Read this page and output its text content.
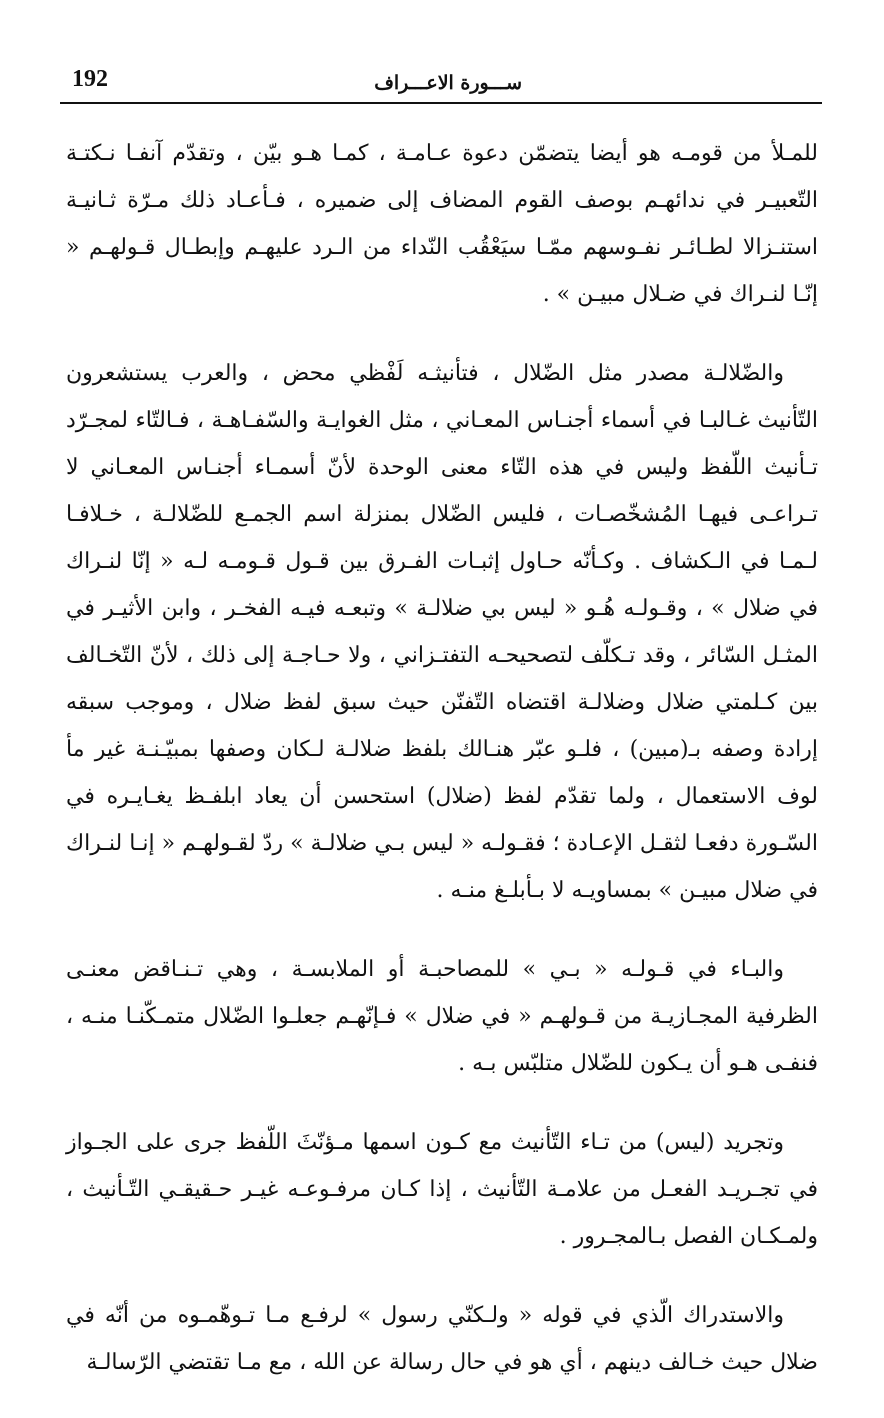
192	ســـورة الاعـــراف

للمـلأ من قومـه هو أيضا يتضمّن دعوة عـامـة ، كمـا هـو بيّن ، وتقدّم آنفـا نـكتـة التّعبيـر في ندائهـم بوصف القوم المضاف إلى ضميره ، فـأعـاد ذلك مـرّة ثـانيـة استنـزالا لطـائـر نفـوسهم ممّـا سيَعْقُب النّداء من الـرد عليهـم وإبطـال قـولهـم « إنّـا لنـراك في ضـلال مبيـن » .

والضّلالـة مصدر مثل الضّلال ، فتأنيثـه لَفْظي محض ، والعرب يستشعرون التّأنيث غـالبـا في أسماء أجنـاس المعـاني ، مثل الغوايـة والسّفـاهـة ، فـالتّاء لمجـرّد تـأنيث اللّفظ وليس في هذه التّاء معنى الوحدة لأنّ أسمـاء أجنـاس المعـاني لا تـراعـى فيهـا المُشخّصـات ، فليس الضّلال بمنزلة اسم الجمـع للضّلالـة ، خـلافـا لـمـا في الـكشاف . وكـأنّه حـاول إثبـات الفـرق بين قـول قـومـه لـه « إنّا لنـراك في ضلال » ، وقـولـه هُـو « ليس بي ضلالـة » وتبعـه فيـه الفخـر ، وابن الأثيـر في المثـل السّائر ، وقد تـكلّف لتصحيحـه التفتـزاني ، ولا حـاجـة إلى ذلك ، لأنّ التّخـالف بين كـلمتي ضلال وضلالـة اقتضاه التّفنّن حيث سبق لفظ ضلال ، وموجب سبقه إرادة وصفه بـ(مبين) ، فلـو عبّر هنـالك بلفظ ضلالـة لـكان وصفها بمبيّـنـة غير مأ لوف الاستعمال ، ولما تقدّم لفظ (ضلال) استحسن أن يعاد ابلفـظ يغـايـره في السّـورة دفعـا لثقـل الإعـادة ؛ فقـولـه « ليس بـي ضلالـة » ردّ لقـولهـم « إنـا لنـراك في ضلال مبيـن » بمساويـه لا بـأبلـغ منـه .

والبـاء في قـولـه « بـي » للمصاحبـة أو الملابسـة ، وهي تـنـاقض معنـى الظرفية المجـازيـة من قـولهـم « في ضلال » فـإنّهـم جعلـوا الضّلال متمـكّنـا منـه ، فنفـى هـو أن يـكون للضّلال متلبّس بـه .

وتجريد (ليس) من تـاء التّأنيث مع كـون اسمها مـؤنّثَ اللّفظ جرى على الجـواز في تجـريـد الفعـل من علامـة التّأنيث ، إذا كـان مرفـوعـه غيـر حـقيقـي التّـأنيث ، ولمـكـان الفصل بـالمجـرور .

والاستدراك الّذي في قوله « ولـكنّي رسول » لرفـع مـا تـوهّمـوه من أنّه في ضلال حيث خـالف دينهم ، أي هو في حال رسالة عن الله ، مع مـا تقتضي الرّسالـة
